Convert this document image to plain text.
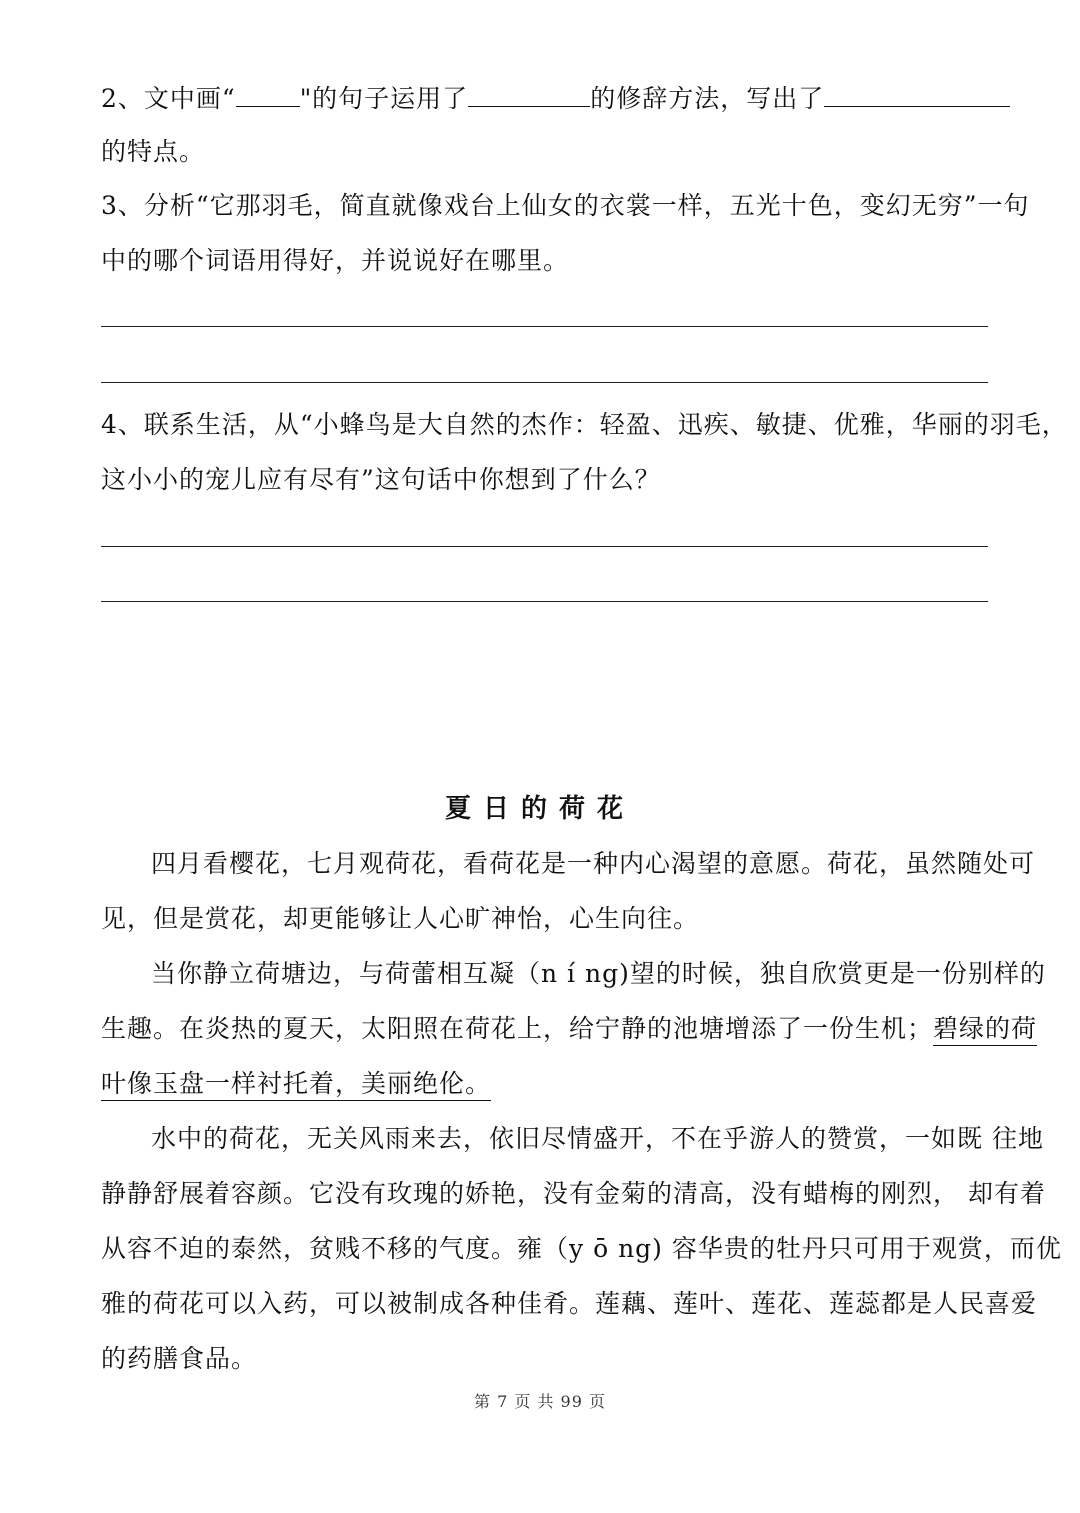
2、文中画“	"的句子运用了	的修辞方法，写出了
的特点。
3、分析“它那羽毛，简直就像戏台上仙女的衣裳一样，五光十色，变幻无穷”一句
中的哪个词语用得好，并说说好在哪里。
4、联系生活，从“小蜂鸟是大自然的杰作：轻盈、迅疾、敏捷、优雅，华丽的羽毛，
这小小的宠儿应有尽有”这句话中你想到了什么？
夏日的荷花
四月看樱花，七月观荷花，看荷花是一种内心渴望的意愿。荷花，虽然随处可
见，但是赏花，却更能够让人心旷神怡，心生向往。
当你静立荷塘边，与荷蕾相互凝（n í ng)望的时候，独自欣赏更是一份别样的
生趣。在炎热的夏天，太阳照在荷花上，给宁静的池塘增添了一份生机；碧绿的荷
叶像玉盘一样衬托着，美丽绝伦。
水中的荷花，无关风雨来去，依旧尽情盛开，不在乎游人的赞赏，一如既 往地
静静舒展着容颜。它没有玫瑰的娇艳，没有金菊的清高，没有蜡梅的刚烈， 却有着
从容不迫的泰然，贫贱不移的气度。雍（y ō ng) 容华贵的牡丹只可用于观赏，而优
雅的荷花可以入药，可以被制成各种佳肴。莲藕、莲叶、莲花、莲蕊都是人民喜爱
的药膳食品。
第 7 页 共 99 页
